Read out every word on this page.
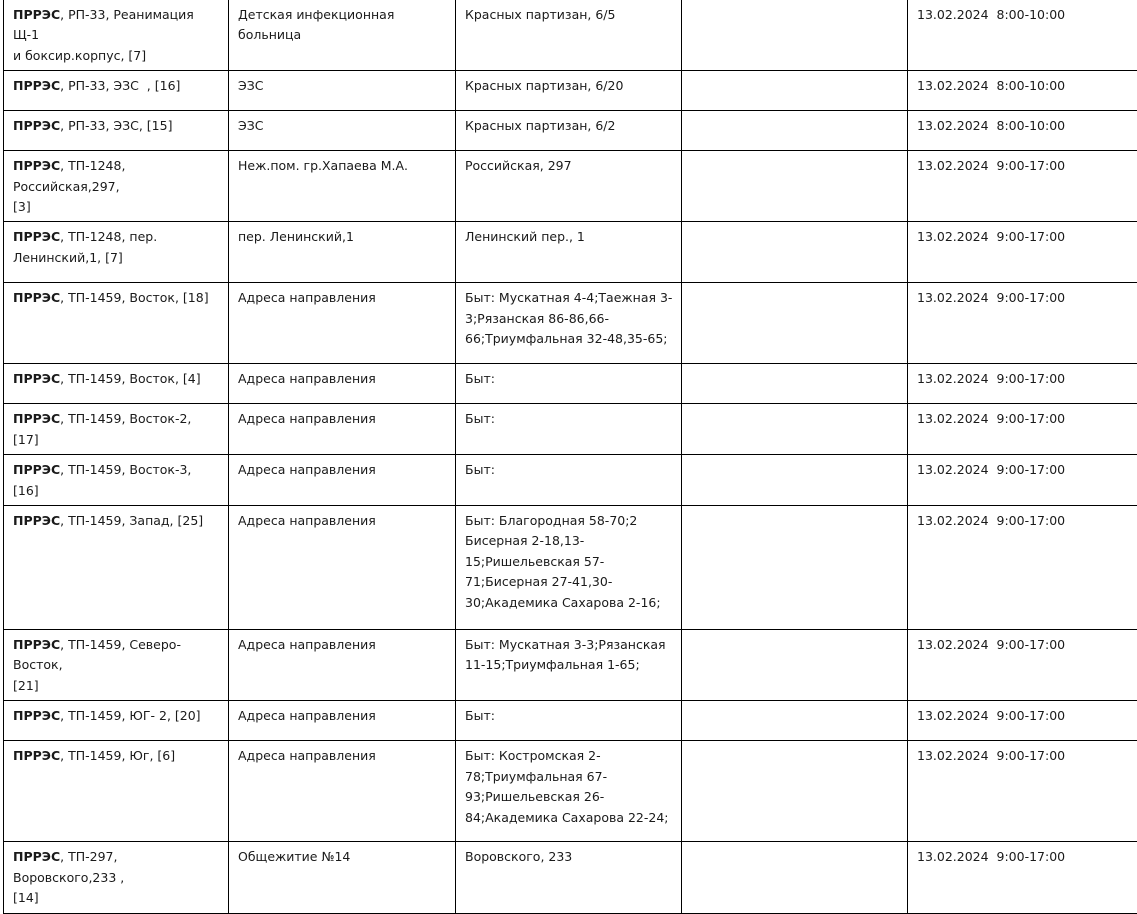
ПРРЭС, РП-33, Реанимация Щ-1
и боксир.корпус, [7]	Детская инфекционная
больница	Красных партизан, 6/5		13.02.2024  8:00-10:00
ПРРЭС, РП-33, ЭЗС  , [16]	ЭЗС	Красных партизан, 6/20		13.02.2024  8:00-10:00
ПРРЭС, РП-33, ЭЗС, [15]	ЭЗС	Красных партизан, 6/2		13.02.2024  8:00-10:00
ПРРЭС, ТП-1248, Российская,297,
[3]	Неж.пом. гр.Хапаева М.А.	Российская, 297		13.02.2024  9:00-17:00
ПРРЭС, ТП-1248, пер.
Ленинский,1, [7]	пер. Ленинский,1	Ленинский пер., 1		13.02.2024  9:00-17:00
ПРРЭС, ТП-1459, Восток, [18]	Адреса направления	Быт: Мускатная 4-4;Таежная 3-
3;Рязанская 86-86,66-
66;Триумфальная 32-48,35-65;		13.02.2024  9:00-17:00
ПРРЭС, ТП-1459, Восток, [4]	Адреса направления	Быт:		13.02.2024  9:00-17:00
ПРРЭС, ТП-1459, Восток-2, [17]	Адреса направления	Быт:		13.02.2024  9:00-17:00
ПРРЭС, ТП-1459, Восток-3, [16]	Адреса направления	Быт:		13.02.2024  9:00-17:00
ПРРЭС, ТП-1459, Запад, [25]	Адреса направления	Быт: Благородная 58-70;2
Бисерная 2-18,13-
15;Ришельевская 57-
71;Бисерная 27-41,30-
30;Академика Сахарова 2-16;		13.02.2024  9:00-17:00
ПРРЭС, ТП-1459, Северо-Восток,
[21]	Адреса направления	Быт: Мускатная 3-3;Рязанская
11-15;Триумфальная 1-65;		13.02.2024  9:00-17:00
ПРРЭС, ТП-1459, ЮГ- 2, [20]	Адреса направления	Быт:		13.02.2024  9:00-17:00
ПРРЭС, ТП-1459, Юг, [6]	Адреса направления	Быт: Костромская 2-
78;Триумфальная 67-
93;Ришельевская 26-
84;Академика Сахарова 22-24;		13.02.2024  9:00-17:00
ПРРЭС, ТП-297, Воровского,233 ,
[14]	Общежитие №14	Воровского, 233		13.02.2024  9:00-17:00
